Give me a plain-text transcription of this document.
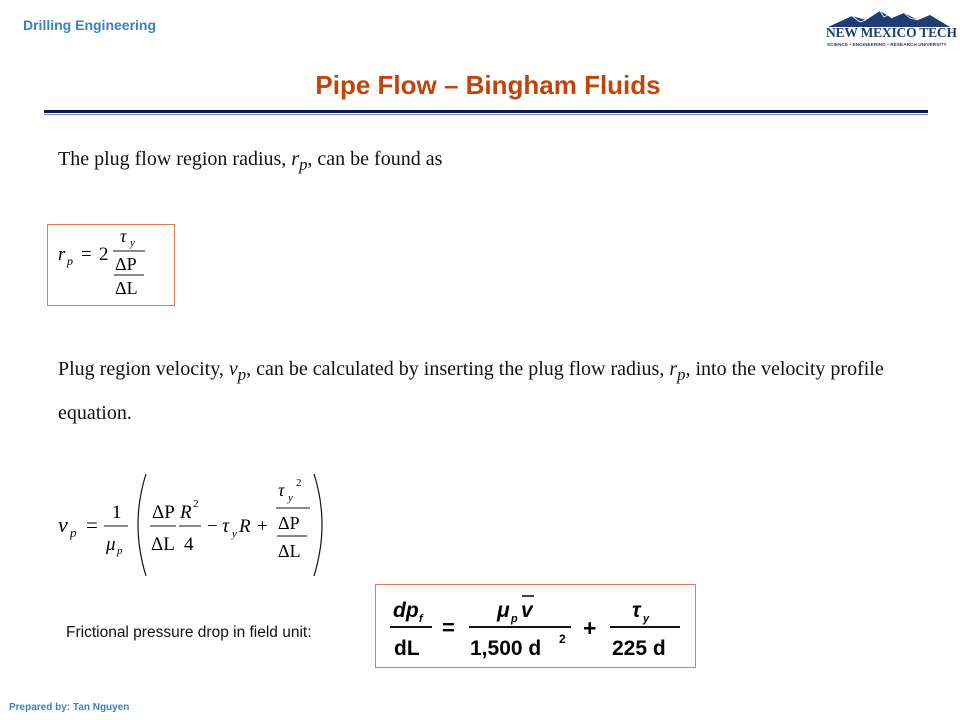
Drilling Engineering	NEW MEXICO TECH
SCIENCE • ENGINEERING • RESEARCH UNIVERSITY
Pipe Flow – Bingham Fluids
The plug flow region radius, $r_p$, can be found as
r p = 2
τ y
ΔP
ΔL
Plug region velocity, $v_p$, can be calculated by inserting the plug flow radius, $r_p$, into the velocity profile equation.
v p =
1
μ p
ΔP
ΔL
R 2
4
− τ y R +
τ y
2
ΔP
ΔL
Frictional pressure drop in field unit:
dp f
dL
=
μ p v
1,500 d 2 +
τ y
225 d
Prepared by: Tan Nguyen
